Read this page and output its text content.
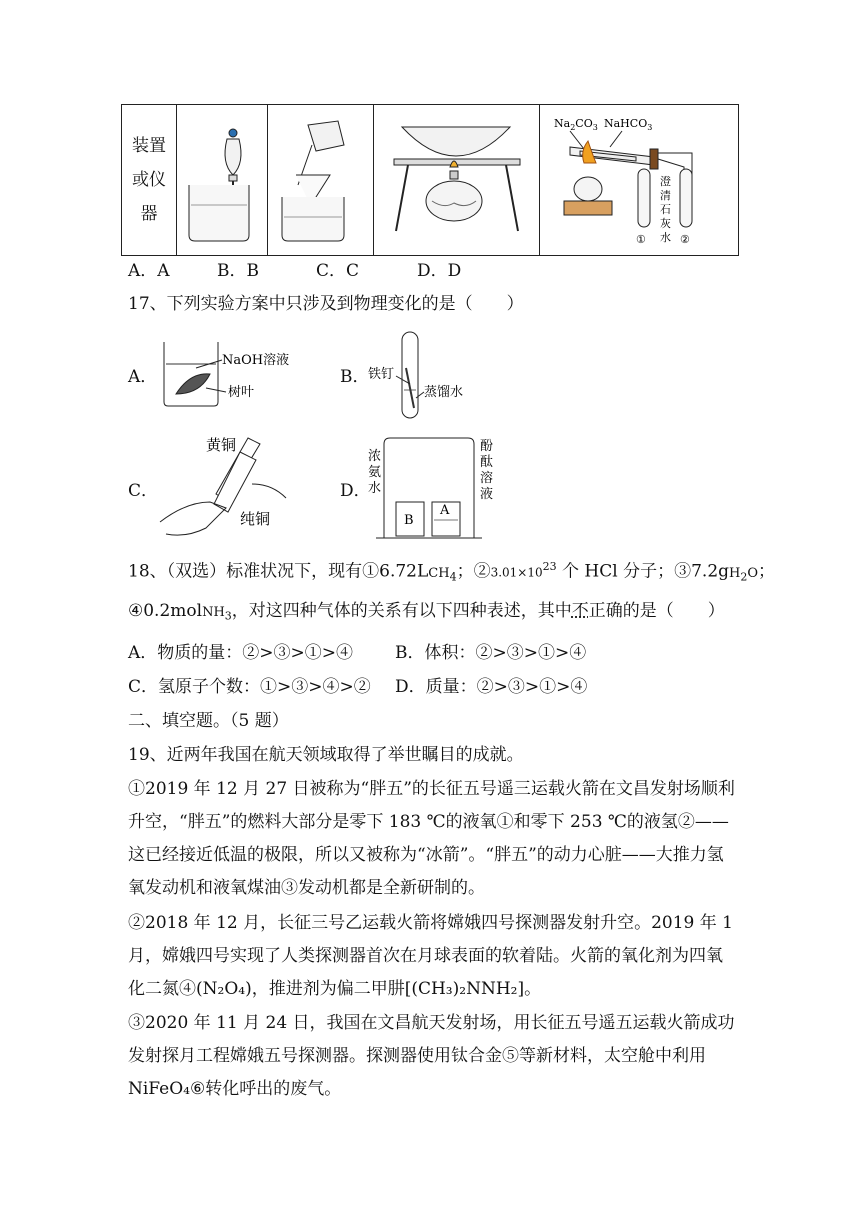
装置
或仪
器

$Na_2CO_3$ NaHCO$_3$
澄
清
石
灰
水
①	②
A．A	B．B	C．C	D．D
17、下列实验方案中只涉及到物理变化的是（　　）
A．
NaOH溶液
树叶
B．
铁钉
蒸馏水
C．
黄铜
纯铜
D．
B
A
浓
氨
水
酚
酞
溶
液
18、（双选）标准状况下，现有$①6.72LCH_4$；$②3.01\times 10^{23}$ 个 HCl 分子；$③7.2gH_2O$；
④0.2molNH$_3$，对这四种气体的关系有以下四种表述，其中不正确的是（　　）
A．物质的量：②>③>①>④ B．体积：②>③>①>④
C．氢原子个数：①>③>④>② D．质量：②>③>①>④
二、填空题。（5 题）
19、近两年我国在航天领域取得了举世瞩目的成就。
①2019 年 12 月 27 日被称为“胖五”的长征五号遥三运载火箭在文昌发射场顺利升空，“胖五”的燃料大部分是零下 183 ℃的液氧①和零下 253 ℃的液氢②——这已经接近低温的极限，所以又被称为“冰箭”。“胖五”的动力心脏——大推力氢氧发动机和液氧煤油③发动机都是全新研制的。
②2018 年 12 月，长征三号乙运载火箭将嫦娥四号探测器发射升空。2019 年 1 月，嫦娥四号实现了人类探测器首次在月球表面的软着陆。火箭的氧化剂为四氧化二氮④(N₂O₄)，推进剂为偏二甲肼[(CH₃)₂NNH₂]。
③2020 年 11 月 24 日，我国在文昌航天发射场，用长征五号遥五运载火箭成功发射探月工程嫦娥五号探测器。探测器使用钛合金⑤等新材料，太空舱中利用 NiFeO₄⑥转化呼出的废气。
